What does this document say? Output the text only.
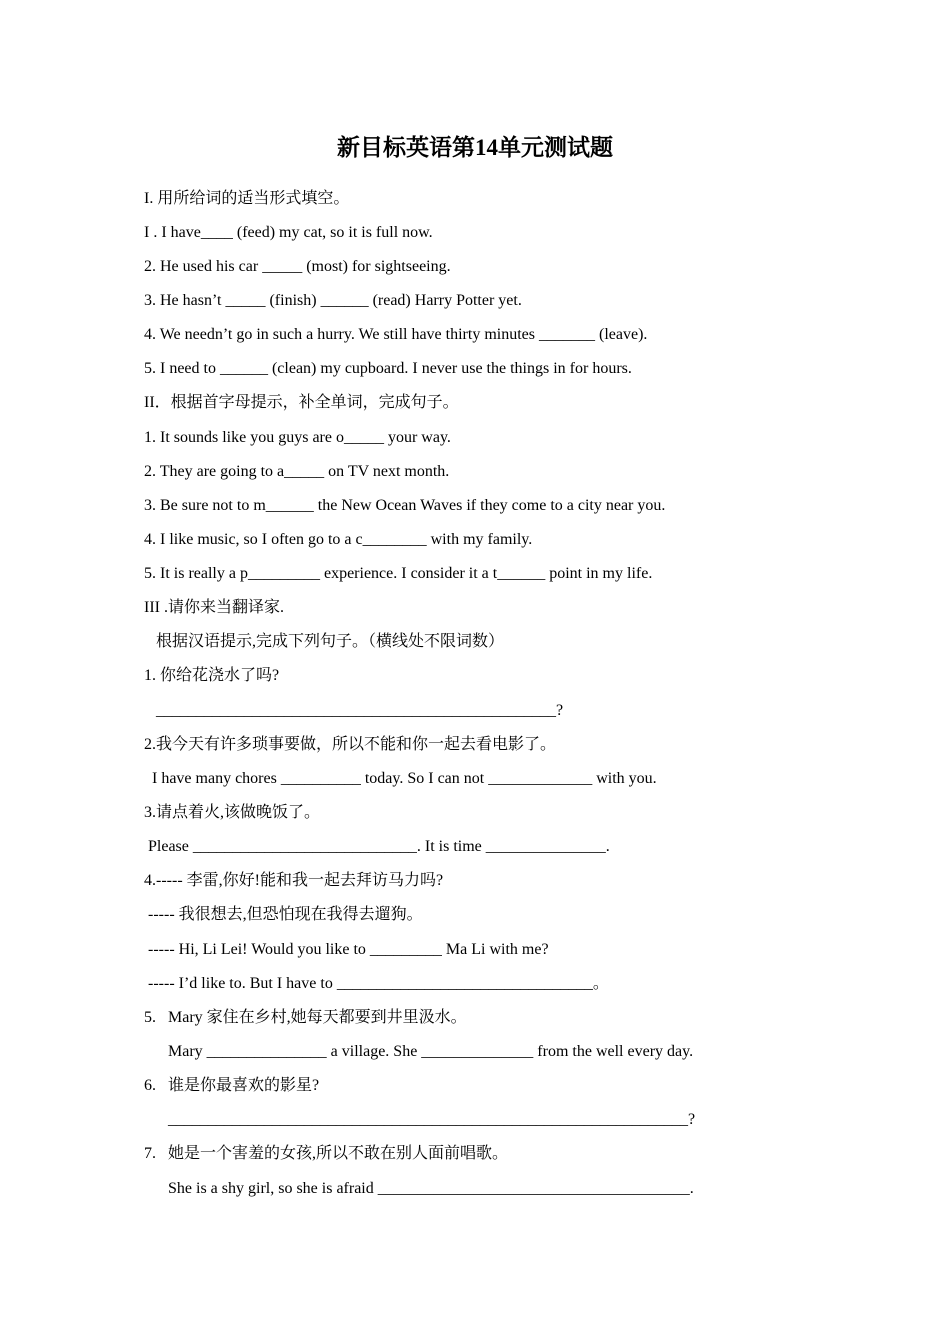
新目标英语第14单元测试题
I. 用所给词的适当形式填空。
I . I have____ (feed) my cat, so it is full now.
2. He used his car _____ (most) for sightseeing.
3. He hasn’t _____ (finish) ______ (read) Harry Potter yet.
4. We needn’t go in such a hurry. We still have thirty minutes _______ (leave).
5. I need to ______ (clean) my cupboard. I never use the things in for hours.
II．根据首字母提示，补全单词，完成句子。
1. It sounds like you guys are o_____ your way.
2. They are going to a_____ on TV next month.
3. Be sure not to m______ the New Ocean Waves if they come to a city near you.
4. I like music, so I often go to a c________ with my family.
5. It is really a p_________ experience. I consider it a t______ point in my life.
III .请你来当翻译家.
根据汉语提示,完成下列句子。（横线处不限词数）
1. 你给花浇水了吗?
__________________________________________________?
2.我今天有许多琐事要做，所以不能和你一起去看电影了。
I have many chores __________ today. So I can not _____________ with you.
3.请点着火,该做晚饭了。
Please ____________________________. It is time _______________.
4.----- 李雷,你好!能和我一起去拜访马力吗?
----- 我很想去,但恐怕现在我得去遛狗。
----- Hi, Li Lei! Would you like to _________ Ma Li with me?
----- I’d like to. But I have to ________________________________。
5.   Mary 家住在乡村,她每天都要到井里汲水。
Mary _______________ a village. She ______________ from the well every day.
6.   谁是你最喜欢的影星?
_________________________________________________________________?
7.   她是一个害羞的女孩,所以不敢在别人面前唱歌。
She is a shy girl, so she is afraid _______________________________________.
